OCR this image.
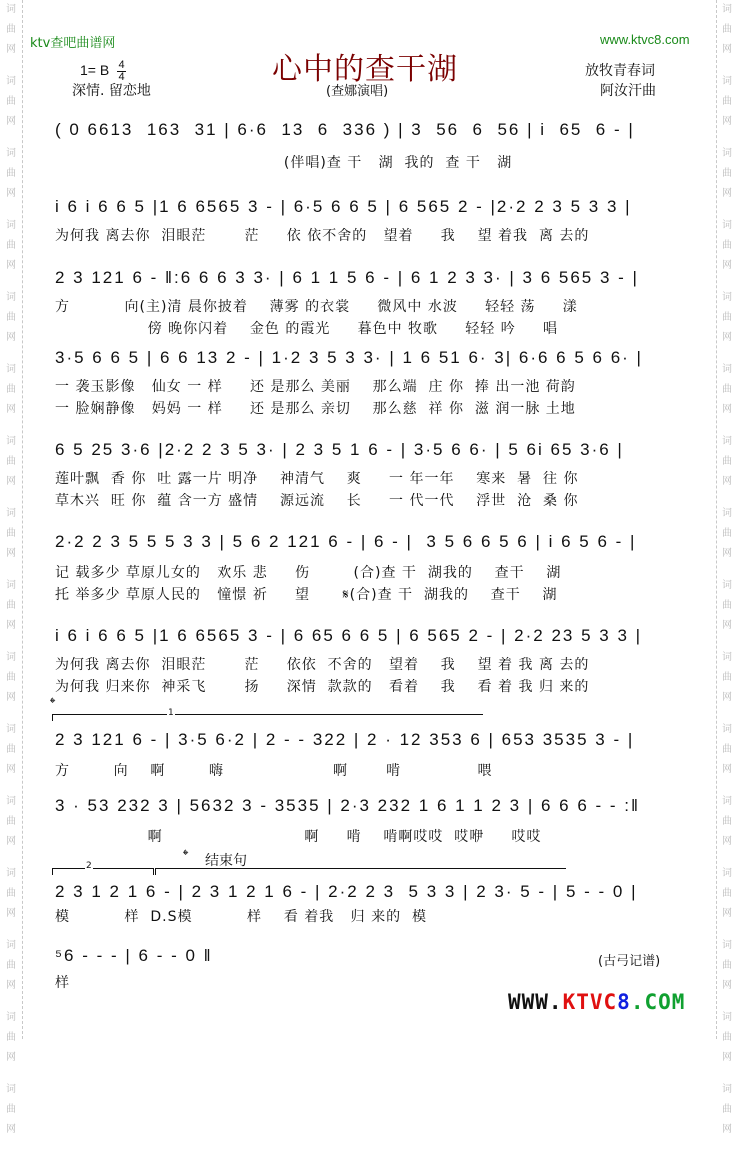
词
曲
网
词
曲
网
词
曲
网
词
曲
网
词
曲
网
词
曲
网
词
曲
网
词
曲
网
词
曲
网
词
曲
网
词
曲
网
词
曲
网
词
曲
网
词
曲
网
词
曲
网
词
曲
网
词
曲
网
词
曲
网
词
曲
网
词
曲
网
词
曲
网
词
曲
网
词
曲
网
词
曲
网
词
曲
网
词
曲
网
词
曲
网
词
曲
网
词
曲
网
词
曲
网
词
曲
网
词
曲
网
ktv查吧曲谱网	www.ktvc8.com
心中的查干湖
1= B $\frac{4}{4}$
深情. 留恋地	(查娜演唱)
放牧青春词
阿汝汗曲
( 0 6613  163  31 | 6·6  13  6  336 ) | 3  56  6  56 | i  65  6 - |
(伴唱)查 干   湖  我的  查 干   湖
i 6 i 6 6 5 |1 6 6565 3 - | 6·5 6 6 5 | 6 565 2 - |2·2 2 3 5 3 3 |
为何我 离去你  泪眼茫       茫     依 依不舍的   望着     我    望 着我  离 去的
2 3 121 6 - ‖:6 6 6 3 3· | 6 1 1 5 6 - | 6 1 2 3 3· | 3 6 565 3 - |
方          向(主)清 晨你披着    薄雾 的衣裳     微风中 水波     轻轻 荡     漾
傍 晚你闪着    金色 的霞光     暮色中 牧歌     轻轻 吟     唱
3·5 6 6 5 | 6 6 13 2 - | 1·2 3 5 3 3· | 1 6 51 6· 3| 6·6 6 5 6 6· |
一 袭玉影像   仙女 一 样     还 是那么 美丽    那么端  庄 你  捧 出一池 荷韵
一 脸娴静像   妈妈 一 样     还 是那么 亲切    那么慈  祥 你  滋 润一脉 土地
6 5 25 3·6 |2·2 2 3 5 3· | 2 3 5 1 6 - | 3·5 6 6· | 5 6i 65 3·6 |
莲叶飘  香 你  吐 露一片 明净    神清气    爽     一 年一年    寒来  暑  往 你
草木兴  旺 你  蕴 含一方 盛情    源远流    长     一 代一代    浮世  沧  桑 你
2·2 2 3 5 5 5 3 3 | 5 6 2 121 6 - | 6 - |  3 5 6 6 5 6 | i 6 5 6 - |
记 载多少 草原儿女的   欢乐 悲     伤        (合)查 干  湖我的    查干    湖
托 举多少 草原人民的   憧憬 祈     望      𝄋(合)查 干  湖我的    查干    湖
i 6 i 6 6 5 |1 6 6565 3 - | 6 65 6 6 5 | 6 565 2 - | 2·2 23 5 3 3 |
为何我 离去你  泪眼茫       茫     依依  不舍的   望着    我    望 着 我 离 去的
为何我 归来你  神采飞       扬     深情  款款的   看着    我    看 着 我 归 来的
𝄌
1
2 3 121 6 - | 3·5 6·2 | 2 - - 322 | 2 · 12 353 6 | 653 3535 3 - |
方        向    啊        嗨                    啊       啃              喂
3 · 53 232 3 | 5632 3 - 3535 | 2·3 232 1 6 1 1 2 3 | 6 6 6 - - :‖
啊                          啊     啃    啃啊哎哎  哎咿     哎哎
𝄌 结束句
2
2 3 1 2 1 6 - | 2 3 1 2 1 6 - | 2·2 2 3  5 3 3 | 2 3· 5 - | 5 - - 0 |
模          样  D.S模          样    看 着我   归 来的  模
⁵6 - - - | 6 - - 0 ‖
样
(古弓记谱)
WWW.KTVC8.COM
